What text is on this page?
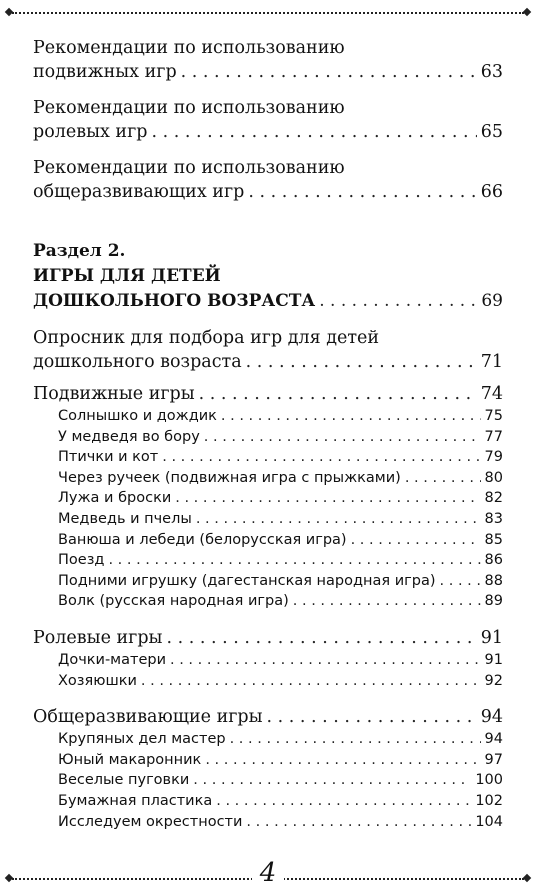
Рекомендации по использованию
подвижных игр . . .	63
Рекомендации по использованию
ролевых игр . . .	65
Рекомендации по использованию
общеразвивающих игр . . .	66
Раздел 2.
ИГРЫ ДЛЯ ДЕТЕЙ
ДОШКОЛЬНОГО ВОЗРАСТА . . .	69
Опросник для подбора игр для детей
дошкольного возраста . . .	71
Подвижные игры . . .	74
Солнышко и дождик . . .	75
У медведя во бору . . .	77
Птички и кот . . .	79
Через ручеек (подвижная игра с прыжками) . . .	80
Лужа и броски . . .	82
Медведь и пчелы . . .	83
Ванюша и лебеди (белорусская игра) . . .	85
Поезд . . .	86
Подними игрушку (дагестанская народная игра) . . .	88
Волк (русская народная игра) . . .	89
Ролевые игры . . .	91
Дочки-матери . . .	91
Хозяюшки . . .	92
Общеразвивающие игры . . .	94
Крупяных дел мастер . . .	94
Юный макаронник . . .	97
Веселые пуговки . . .	100
Бумажная пластика . . .	102
Исследуем окрестности . . .	104
4
